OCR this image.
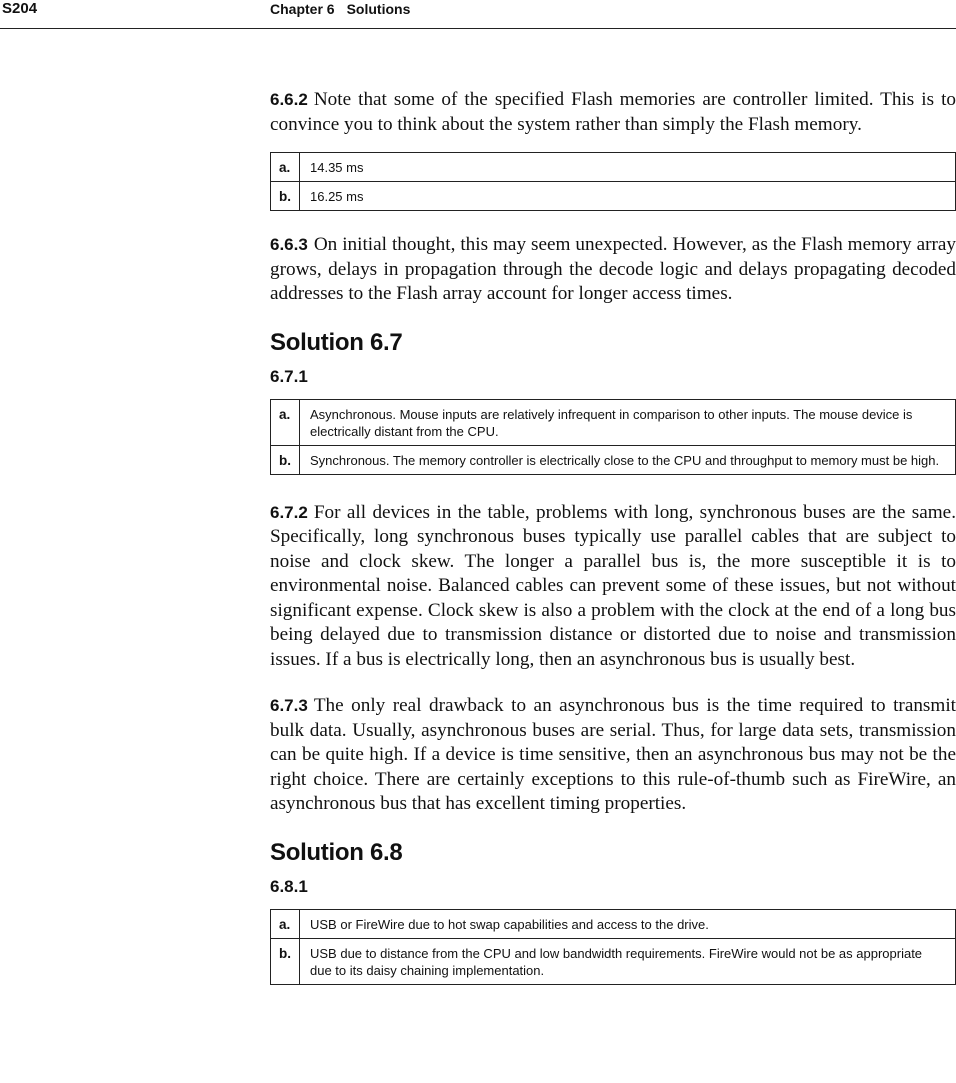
S204	Chapter 6 Solutions

6.6.2 Note that some of the specified Flash memories are controller limited. This is to convince you to think about the system rather than simply the Flash memory.

a.	14.35 ms
b.	16.25 ms

6.6.3 On initial thought, this may seem unexpected. However, as the Flash memory array grows, delays in propagation through the decode logic and delays propagating decoded addresses to the Flash array account for longer access times.

Solution 6.7
6.7.1
a.	Asynchronous. Mouse inputs are relatively infrequent in comparison to other inputs. The mouse device is electrically distant from the CPU.
b.	Synchronous. The memory controller is electrically close to the CPU and throughput to memory must be high.

6.7.2 For all devices in the table, problems with long, synchronous buses are the same. Specifically, long synchronous buses typically use parallel cables that are subject to noise and clock skew. The longer a parallel bus is, the more susceptible it is to environmental noise. Balanced cables can prevent some of these issues, but not without significant expense. Clock skew is also a problem with the clock at the end of a long bus being delayed due to transmission distance or distorted due to noise and transmission issues. If a bus is electrically long, then an asynchronous bus is usually best.

6.7.3 The only real drawback to an asynchronous bus is the time required to transmit bulk data. Usually, asynchronous buses are serial. Thus, for large data sets, transmission can be quite high. If a device is time sensitive, then an asynchronous bus may not be the right choice. There are certainly exceptions to this rule-of-thumb such as FireWire, an asynchronous bus that has excellent timing properties.

Solution 6.8
6.8.1
a.	USB or FireWire due to hot swap capabilities and access to the drive.
b.	USB due to distance from the CPU and low bandwidth requirements. FireWire would not be as appropriate due to its daisy chaining implementation.
